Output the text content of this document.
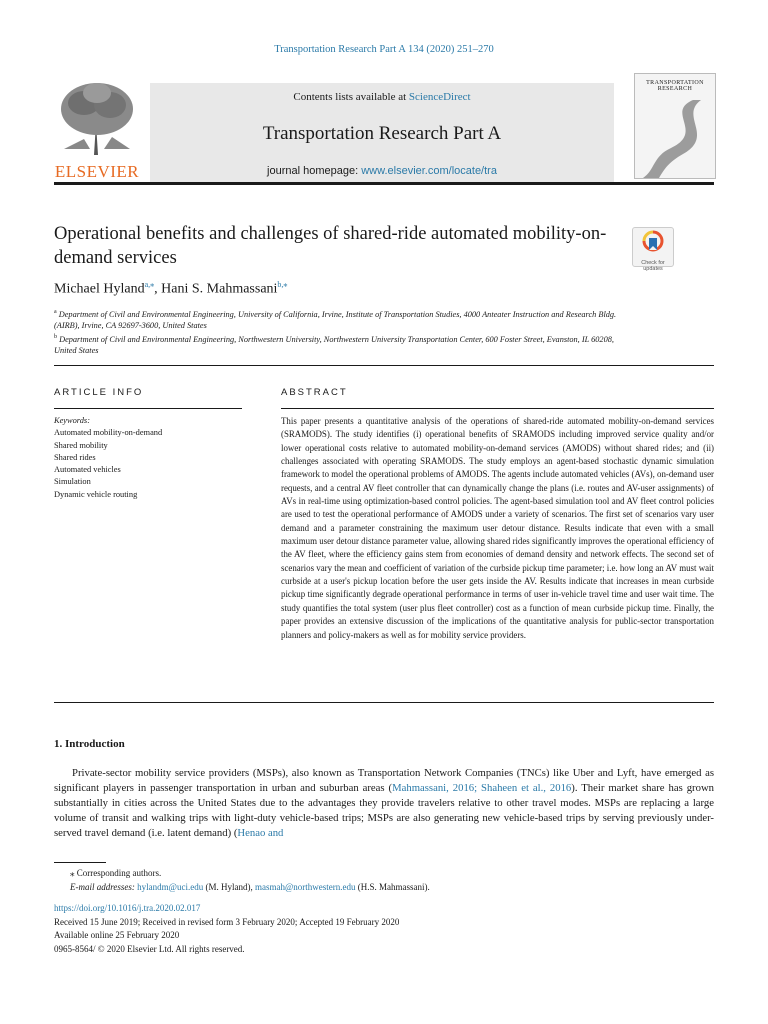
Transportation Research Part A 134 (2020) 251–270
ELSEVIER
Contents lists available at ScienceDirect
Transportation Research Part A
journal homepage: www.elsevier.com/locate/tra
TRANSPORTATION RESEARCH
Operational benefits and challenges of shared-ride automated mobility-on-demand services	Check for updates
Michael Hyland$^{a,⁎}$, Hani S. Mahmassani$^{b,⁎}$
$^a$ Department of Civil and Environmental Engineering, University of California, Irvine, Institute of Transportation Studies, 4000 Anteater Instruction and Research Bldg. (AIRB), Irvine, CA 92697-3600, United States
$^b$ Department of Civil and Environmental Engineering, Northwestern University, Northwestern University Transportation Center, 600 Foster Street, Evanston, IL 60208, United States
ARTICLE INFO	ABSTRACT
Keywords:
Automated mobility-on-demand
Shared mobility
Shared rides
Automated vehicles
Simulation
Dynamic vehicle routing
This paper presents a quantitative analysis of the operations of shared-ride automated mobility-on-demand services (SRAMODS). The study identifies (i) operational benefits of SRAMODS including improved service quality and/or lower operational costs relative to automated mobility-on-demand services (AMODS) without shared rides; and (ii) challenges associated with operating SRAMODS. The study employs an agent-based stochastic dynamic simulation framework to model the operational problems of AMODS. The agents include automated vehicles (AVs), on-demand user requests, and a central AV fleet controller that can dynamically change the plans (i.e. routes and AV-user assignments) of AVs in real-time using optimization-based control policies. The agent-based simulation tool and AV fleet control policies are used to test the operational performance of AMODS under a variety of scenarios. The first set of scenarios vary user demand and a parameter constraining the maximum user detour distance. Results indicate that even with a small maximum user detour distance parameter value, allowing shared rides significantly improves the operational efficiency of the AV fleet, where the efficiency gains stem from economies of demand density and network effects. The second set of scenarios vary the mean and coefficient of variation of the curbside pickup time parameter; i.e. how long an AV must wait curbside at a user's pickup location before the user gets inside the AV. Results indicate that increases in mean curbside pickup time significantly degrade operational performance in terms of user in-vehicle travel time and user wait time. The study quantifies the total system (user plus fleet controller) cost as a function of mean curbside pickup time. Finally, the paper provides an extensive discussion of the implications of the quantitative analysis for public-sector transportation planners and policy-makers as well as for mobility service providers.
1. Introduction
Private-sector mobility service providers (MSPs), also known as Transportation Network Companies (TNCs) like Uber and Lyft, have emerged as significant players in passenger transportation in urban and suburban areas (Mahmassani, 2016; Shaheen et al., 2016). Their market share has grown substantially in cities across the United States due to the advantages they provide travelers relative to other travel modes. MSPs are replacing a large volume of transit and walking trips with light-duty vehicle-based trips; MSPs are also generating new vehicle-based trips by serving previously under-served travel demand (i.e. latent demand) (Henao and
⁎ Corresponding authors.
E-mail addresses: hylandm@uci.edu (M. Hyland), masmah@northwestern.edu (H.S. Mahmassani).
https://doi.org/10.1016/j.tra.2020.02.017
Received 15 June 2019; Received in revised form 3 February 2020; Accepted 19 February 2020
Available online 25 February 2020
0965-8564/ © 2020 Elsevier Ltd. All rights reserved.
